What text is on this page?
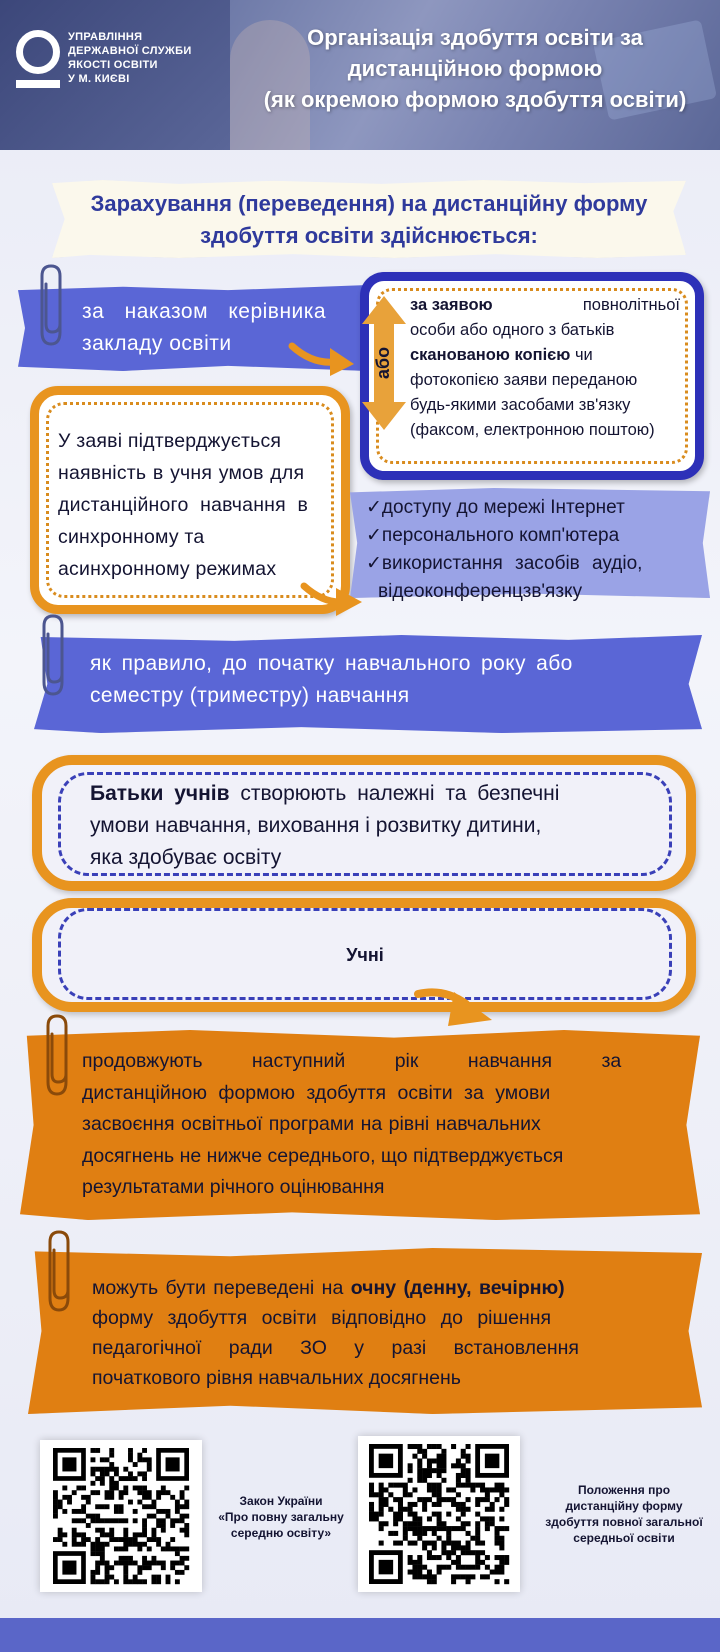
УПРАВЛІННЯ
ДЕРЖАВНОЇ СЛУЖБИ
ЯКОСТІ ОСВІТИ
У М. КИЄВІ
Організація здобуття освіти за
дистанційною формою
(як окремою формою здобуття освіти)
Зарахування (переведення) на дистанційну форму
здобуття освіти здійснюється:
за наказом керівника
закладу освіти
У заяві підтверджується
наявність в учня умов для
дистанційного навчання в
синхронному та
асинхронному режимах
✓доступу до мережі Інтернет
✓персонального комп'ютера
✓використання засобів аудіо,
відеоконференцзв'язку
за заявою	повнолітньої
особи або одного з батьків
сканованою копією чи
фотокопією заяви переданою
будь-якими засобами зв'язку
(факсом, електронною поштою)
або
як правило, до початку навчального року або
семестру (триместру) навчання
Батьки учнів створюють належні та безпечні
умови навчання, виховання і розвитку дитини,
яка здобуває освіту
Учні
продовжують наступний рік навчання за
дистанційною формою здобуття освіти за умови
засвоєння освітньої програми на рівні навчальних
досягнень не нижче середнього, що підтверджується
результатами річного оцінювання
можуть бути переведені на очну (денну, вечірню)
форму здобуття освіти відповідно до рішення
педагогічної ради ЗО у разі встановлення
початкового рівня навчальних досягнень
Закон України
«Про повну загальну
середню освіту»
Положення про
дистанційну форму
здобуття повної загальної
середньої освіти
